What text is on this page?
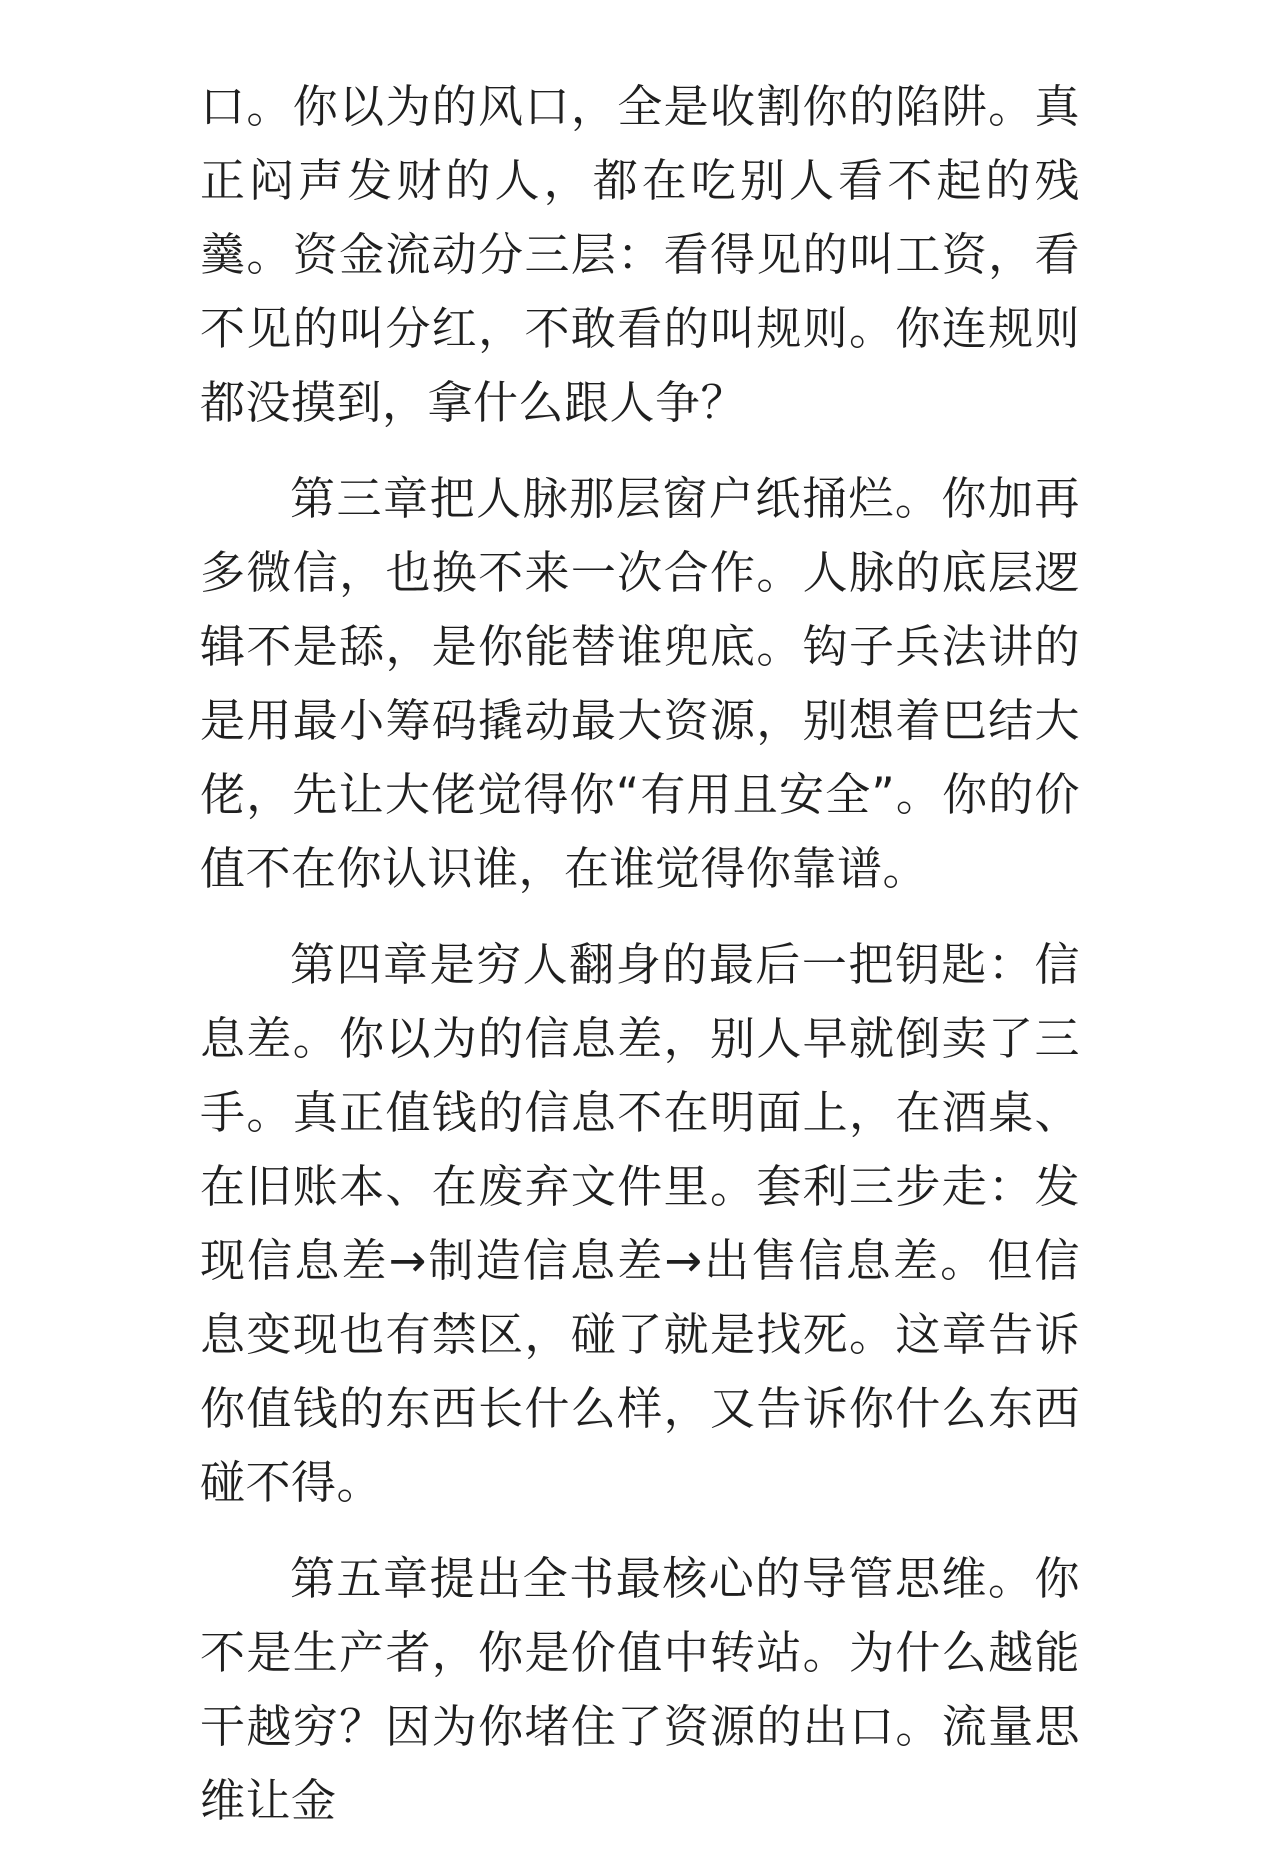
口。你以为的风口，全是收割你的陷阱。真正闷声发财的人，都在吃别人看不起的残羹。资金流动分三层：看得见的叫工资，看不见的叫分红，不敢看的叫规则。你连规则都没摸到，拿什么跟人争？

第三章把人脉那层窗户纸捅烂。你加再多微信，也换不来一次合作。人脉的底层逻辑不是舔，是你能替谁兜底。钩子兵法讲的是用最小筹码撬动最大资源，别想着巴结大佬，先让大佬觉得你“有用且安全”。你的价值不在你认识谁，在谁觉得你靠谱。

第四章是穷人翻身的最后一把钥匙：信息差。你以为的信息差，别人早就倒卖了三手。真正值钱的信息不在明面上，在酒桌、在旧账本、在废弃文件里。套利三步走：发现信息差→制造信息差→出售信息差。但信息变现也有禁区，碰了就是找死。这章告诉你值钱的东西长什么样，又告诉你什么东西碰不得。

第五章提出全书最核心的导管思维。你不是生产者，你是价值中转站。为什么越能干越穷？因为你堵住了资源的出口。流量思维让金
